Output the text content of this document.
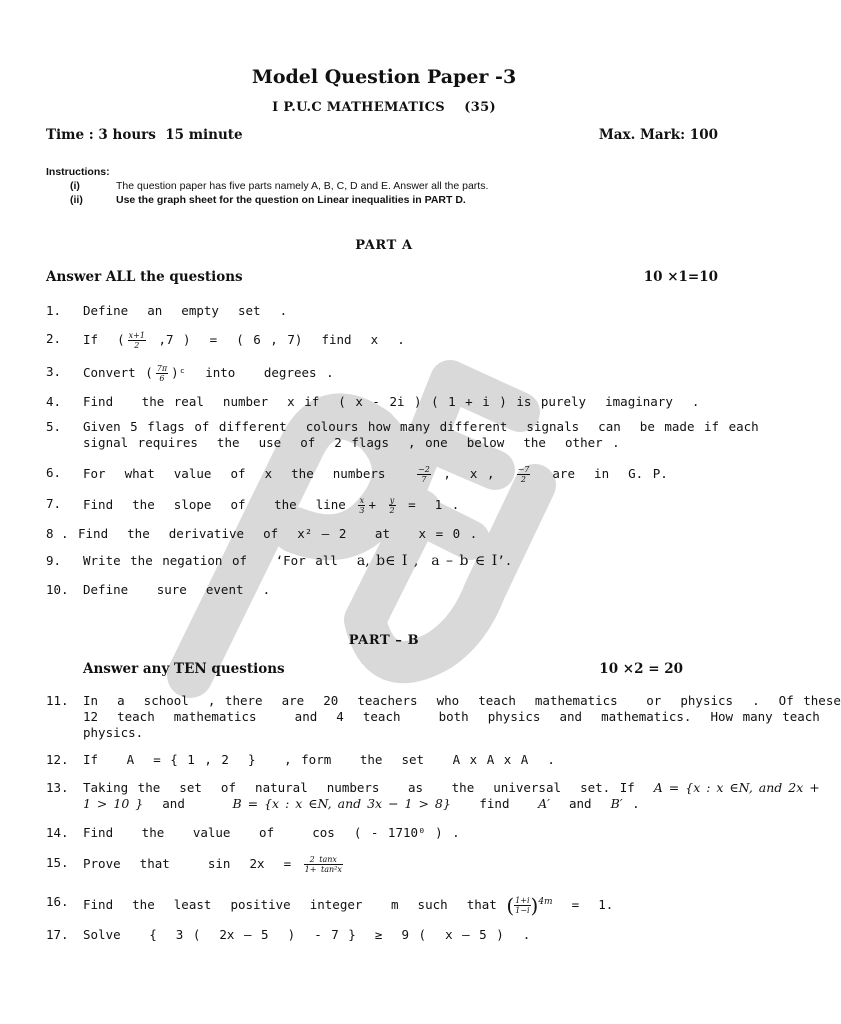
Model Question Paper -3
I P.U.C MATHEMATICS    (35)
Time : 3 hours  15 minute	Max. Mark: 100
Instructions:
(i)	The question paper has five parts namely A, B, C, D and E. Answer all the parts.
(ii)	Use the graph sheet for the question on Linear inequalities in PART D.
PART A
Answer ALL the questions	10 ×1=10
1. Define  an  empty  set  .
2. If  ( $\frac{x+1}{2} ,7$ )  =  ( 6 , 7)  find  x  .
3. Convert ( $\frac{7\pi}{6}$ )ᶜ  into   degrees .
4. Find   the real  number  x if  ( x - 2i ) ( 1 + i ) is purely  imaginary  .
5. Given 5 flags of different  colours how many different  signals  can  be made if each
signal requires  the  use  of  2 flags  , one  below  the  other .
6. For  what  value  of  x  the  numbers $\frac{-2}{7}$ ,  x , $\frac{-7}{2}$ are  in  G. P.
7. Find  the  slope  of   the  line $\frac{x}{3} + \frac{y}{2} = 1$ .
8 . Find  the  derivative  of  x² – 2   at   x = 0 .
9. Write the negation of   ‘For all  a, b∈ I ,  a – b ∈ I’.
10. Define   sure  event  .
PART – B
Answer any TEN questions	10 ×2 = 20
11. In  a  school  , there  are  20  teachers  who  teach  mathematics   or  physics  .  Of these
12  teach  mathematics    and  4  teach    both  physics  and  mathematics.  How many teach
physics.
12. If   A  = { 1 , 2  }   , form   the  set   A x A x A  .
13. Taking the  set  of  natural  numbers   as   the  universal  set. If  A = {x : x ∈N, and 2x +
1 > 10 }  and     B = {x : x ∈N, and 3x − 1 > 8}   find   A′  and  B′ .
14. Find   the   value   of    cos  ( - 1710⁰ ) .
15. Prove  that    $\sin 2x = \frac{2 \tan x}{\text{1+ tan²x}}$
16. Find  the  least  positive  integer   m  such  that ( $\frac{1+i}{1-i} )^{4m} = 1$.
17. Solve   {  3 (  2x – 5  )  - 7 }  ≥  9 (  x – 5 )  .
